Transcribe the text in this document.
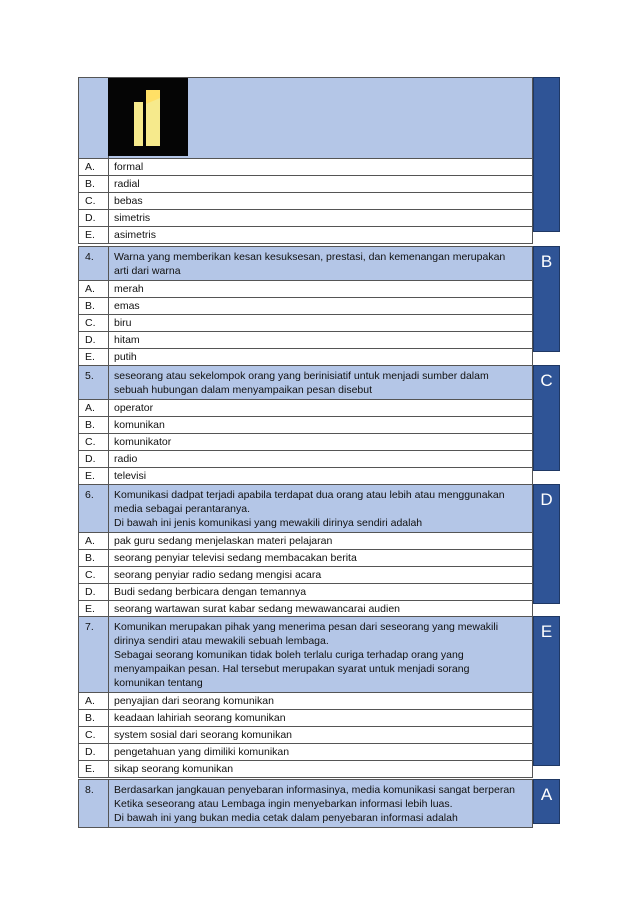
A.	formal
B.	radial
C.	bebas
D.	simetris
E.	asimetris
4.	Warna yang memberikan kesan kesuksesan, prestasi, dan kemenangan merupakan
arti dari warna
A.	merah
B.	emas
C.	biru
D.	hitam
E.	putih
B
5.	seseorang atau sekelompok orang yang berinisiatif untuk menjadi sumber dalam
sebuah hubungan dalam menyampaikan pesan disebut
A.	operator
B.	komunikan
C.	komunikator
D.	radio
E.	televisi
C
6.	Komunikasi dadpat terjadi apabila terdapat dua orang atau lebih atau menggunakan
media sebagai perantaranya.
Di bawah ini jenis komunikasi yang mewakili dirinya sendiri adalah
A.	pak guru sedang menjelaskan materi pelajaran
B.	seorang penyiar televisi sedang membacakan berita
C.	seorang penyiar radio sedang mengisi acara
D.	Budi sedang berbicara dengan temannya
E.	seorang wartawan surat kabar sedang mewawancarai audien
D
7.	Komunikan merupakan pihak yang menerima pesan dari seseorang yang mewakili
dirinya sendiri atau mewakili sebuah lembaga.
Sebagai seorang komunikan tidak boleh terlalu curiga terhadap orang yang
menyampaikan pesan. Hal tersebut merupakan syarat untuk menjadi sorang
komunikan tentang
A.	penyajian dari seorang komunikan
B.	keadaan lahiriah seorang komunikan
C.	system sosial dari seorang komunikan
D.	pengetahuan yang dimiliki komunikan
E.	sikap seorang komunikan
E
8.	Berdasarkan jangkauan penyebaran informasinya, media komunikasi sangat berperan
Ketika seseorang atau Lembaga ingin menyebarkan informasi lebih luas.
Di bawah ini yang bukan media cetak dalam penyebaran informasi adalah
A
